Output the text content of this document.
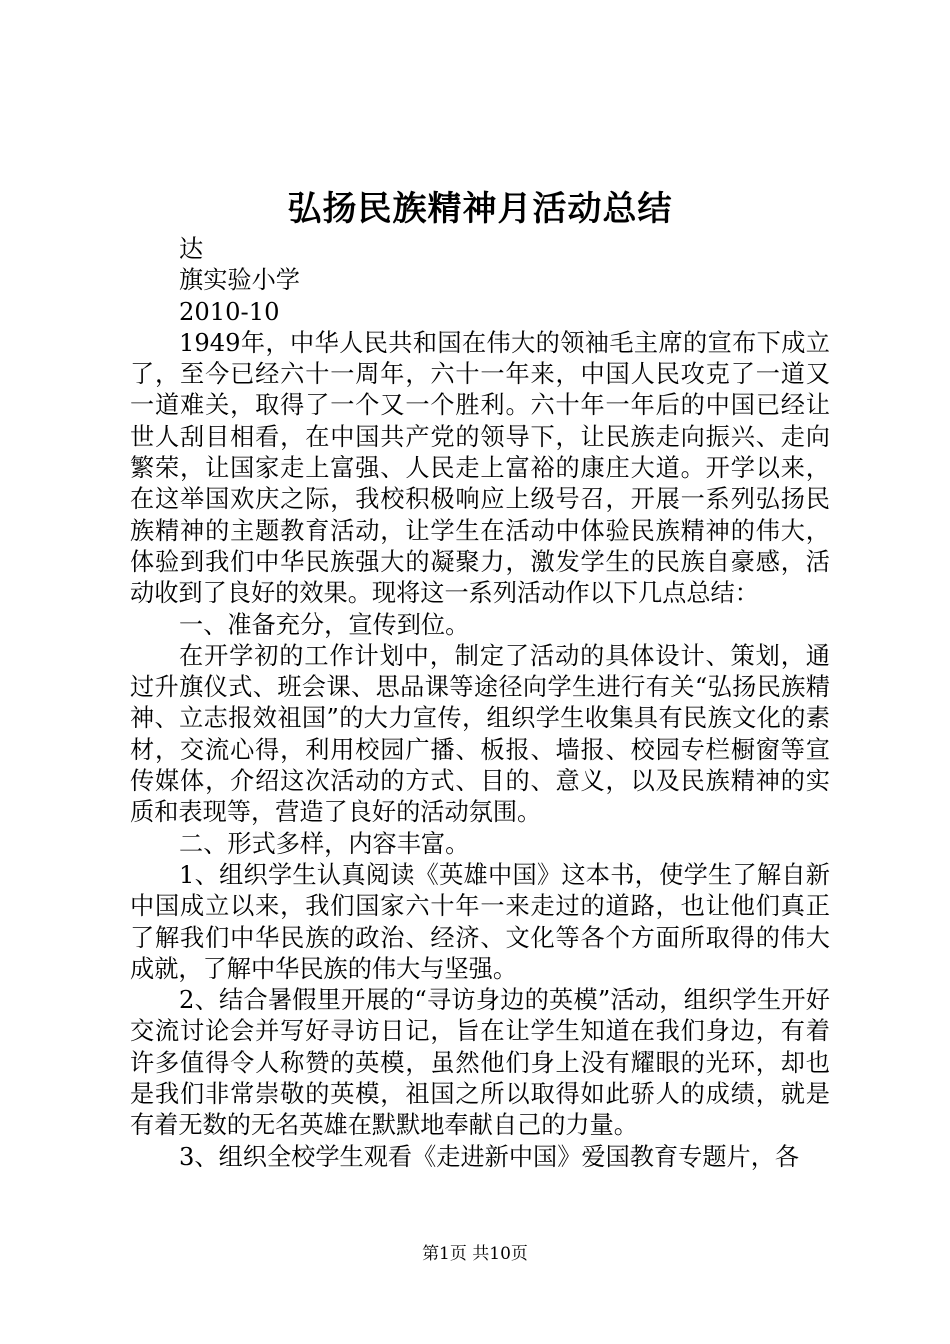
弘扬民族精神月活动总结

达

旗实验小学

2010-10

1949年，中华人民共和国在伟大的领袖毛主席的宣布下成立了，至今已经六十一周年，六十一年来，中国人民攻克了一道又一道难关，取得了一个又一个胜利。六十年一年后的中国已经让世人刮目相看，在中国共产党的领导下，让民族走向振兴、走向繁荣，让国家走上富强、人民走上富裕的康庄大道。开学以来，在这举国欢庆之际，我校积极响应上级号召，开展一系列弘扬民族精神的主题教育活动，让学生在活动中体验民族精神的伟大，体验到我们中华民族强大的凝聚力，激发学生的民族自豪感，活动收到了良好的效果。现将这一系列活动作以下几点总结：

一、准备充分，宣传到位。

在开学初的工作计划中，制定了活动的具体设计、策划，通过升旗仪式、班会课、思品课等途径向学生进行有关“弘扬民族精神、立志报效祖国”的大力宣传，组织学生收集具有民族文化的素材，交流心得，利用校园广播、板报、墙报、校园专栏橱窗等宣传媒体，介绍这次活动的方式、目的、意义，以及民族精神的实质和表现等，营造了良好的活动氛围。

二、形式多样，内容丰富。

1、组织学生认真阅读《英雄中国》这本书，使学生了解自新中国成立以来，我们国家六十年一来走过的道路，也让他们真正了解我们中华民族的政治、经济、文化等各个方面所取得的伟大成就，了解中华民族的伟大与坚强。

2、结合暑假里开展的“寻访身边的英模”活动，组织学生开好交流讨论会并写好寻访日记，旨在让学生知道在我们身边，有着许多值得令人称赞的英模，虽然他们身上没有耀眼的光环，却也是我们非常崇敬的英模，祖国之所以取得如此骄人的成绩，就是有着无数的无名英雄在默默地奉献自己的力量。

3、组织全校学生观看《走进新中国》爱国教育专题片，各

第1页 共10页
